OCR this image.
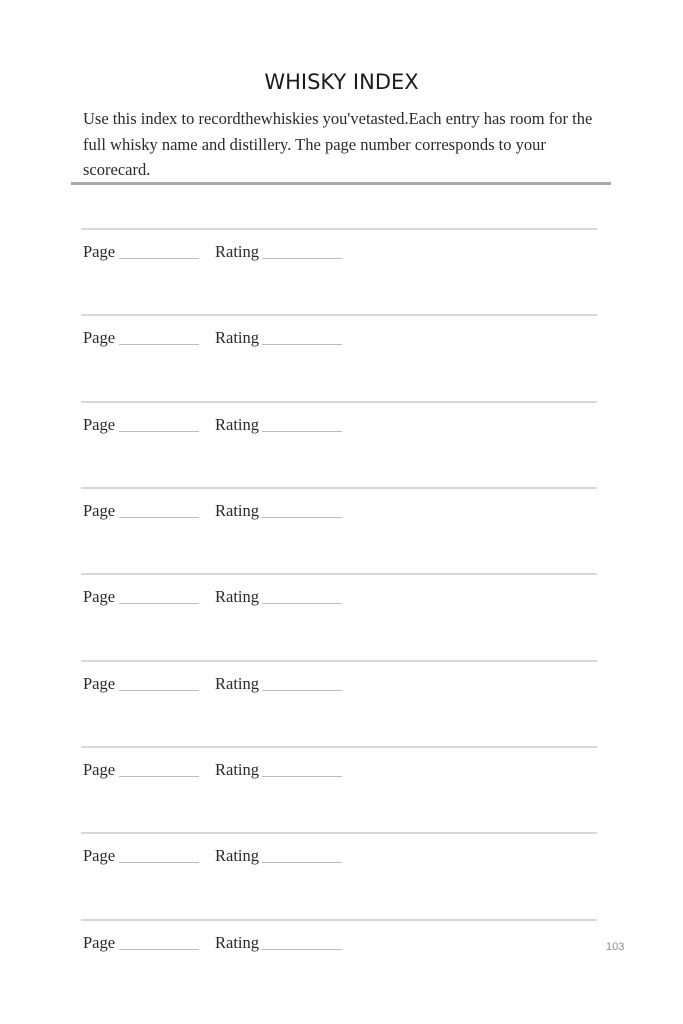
WHISKY INDEX
Use this index to recordthewhiskies you'vetasted.Each entry has room for the full whisky name and distillery. The page number corresponds to your scorecard.
Page	Rating
Page	Rating
Page	Rating
Page	Rating
Page	Rating
Page	Rating
Page	Rating
Page	Rating
Page	Rating	103
